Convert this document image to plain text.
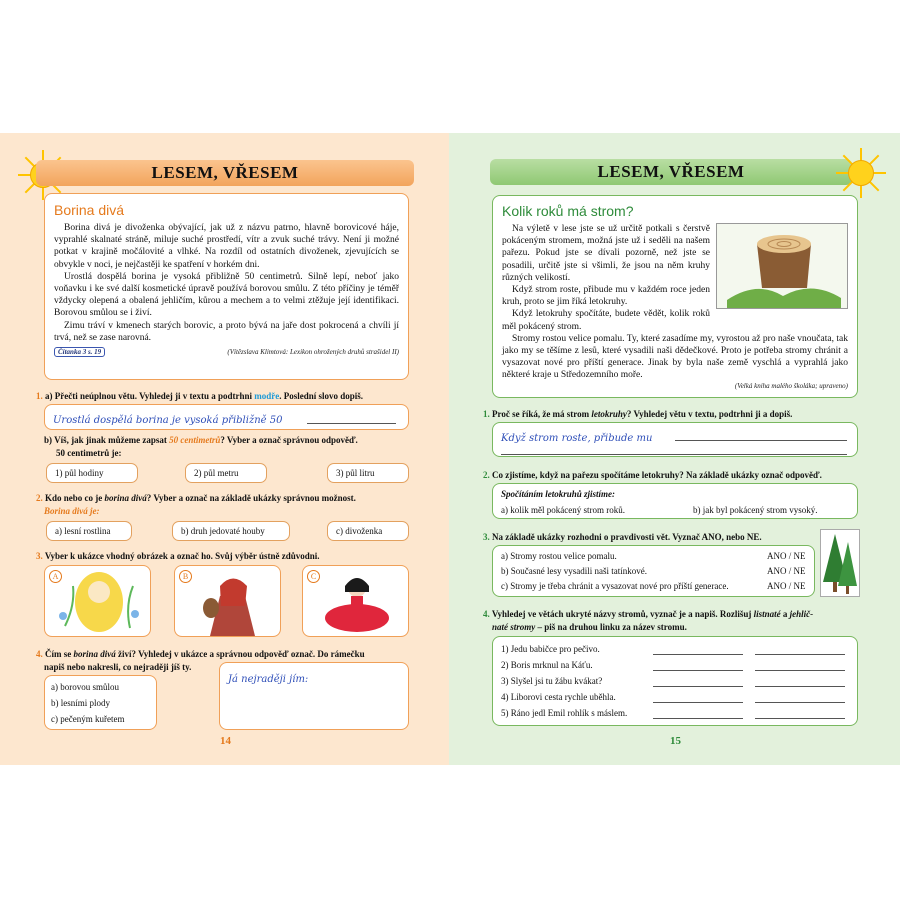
LESEM, VŘESEM
Borina divá

Borina divá je divoženka obývající, jak už z názvu patrno, hlavně borovicové háje, vyprahlé skalnaté stráně, miluje suché prostředí, vítr a zvuk suché trávy. Není ji možné potkat v krajině močálovité a vlhké. Na rozdíl od ostatních divoženek, zjevujících se obvykle v noci, je nejčastěji ke spatření v horkém dni.

Urostlá dospělá borina je vysoká přibližně 50 centimetrů. Silně lepí, neboť jako voňavku i ke své další kosmetické úpravě používá borovou smůlu. Z této příčiny je téměř vždycky olepená a obalená jehličím, kůrou a mechem a to velmi ztěžuje její identifikaci. Borovou smůlou se i živí.

Zimu tráví v kmenech starých borovic, a proto bývá na jaře dost pokrocená a chvíli jí trvá, než se zase narovná.

Čítanka 3 s. 19	(Vítězslava Klimtová: Lexikon ohrožených druhů strašidel II)
1. a) Přečti neúplnou větu. Vyhledej ji v textu a podtrhni modře. Poslední slovo dopiš.
Urostlá dospělá borina je vysoká přibližně 50
b) Víš, jak jinak můžeme zapsat 50 centimetrů? Vyber a označ správnou odpověď.
50 centimetrů je:
1) půl hodiny	2) půl metru	3) půl litru
2. Kdo nebo co je borina divá? Vyber a označ na základě ukázky správnou možnost.
Borina divá je:
a) lesní rostlina	b) druh jedovaté houby	c) divoženka
3. Vyber k ukázce vhodný obrázek a označ ho. Svůj výběr ústně zdůvodni.
A	B	C
4. Čím se borina divá živí? Vyhledej v ukázce a správnou odpověď označ. Do rámečku
napiš nebo nakresli, co nejraději jíš ty.
a) borovou smůlou
b) lesními plody
c) pečeným kuřetem
Já nejraději jím:
14
LESEM, VŘESEM
Kolik roků má strom?

Na výletě v lese jste se už určitě potkali s čerstvě pokáceným stromem, možná jste už i seděli na našem pařezu. Pokud jste se dívali pozorně, než jste se posadili, určitě jste si všimli, že jsou na něm kruhy různých velikostí.

Když strom roste, přibude mu v každém roce jeden kruh, proto se jim říká letokruhy.

Když letokruhy spočítáte, budete vědět, kolik roků měl pokácený strom.

Stromy rostou velice pomalu. Ty, které zasadíme my, vyrostou až pro naše vnoučata, tak jako my se těšíme z lesů, které vysadili naši dědečkové. Proto je potřeba stromy chránit a vysazovat nové pro příští generace. Jinak by byla naše země vyschlá a vyprahlá jako některé kraje u Středozemního moře.

(Velká kniha malého školáka; upraveno)
1. Proč se říká, že má strom letokruhy? Vyhledej větu v textu, podtrhni ji a dopiš.
Když strom roste, přibude mu
2. Co zjistíme, když na pařezu spočítáme letokruhy? Na základě ukázky označ odpověď.
Spočítáním letokruhů zjistíme:
a) kolik měl pokácený strom roků.	b) jak byl pokácený strom vysoký.
3. Na základě ukázky rozhodni o pravdivosti vět. Vyznač ANO, nebo NE.
a) Stromy rostou velice pomalu.	ANO / NE
b) Současné lesy vysadili naši tatínkové.	ANO / NE
c) Stromy je třeba chránit a vysazovat nové pro příští generace.	ANO / NE
4. Vyhledej ve větách ukryté názvy stromů, vyznač je a napiš. Rozlišuj listnaté a jehlič-
naté stromy – piš na druhou linku za název stromu.
1) Jedu babičce pro pečivo.
2) Boris mrknul na Káťu.
3) Slyšel jsi tu žábu kvákat?
4) Liborovi cesta rychle uběhla.
5) Ráno jedl Emil rohlík s máslem.
15
